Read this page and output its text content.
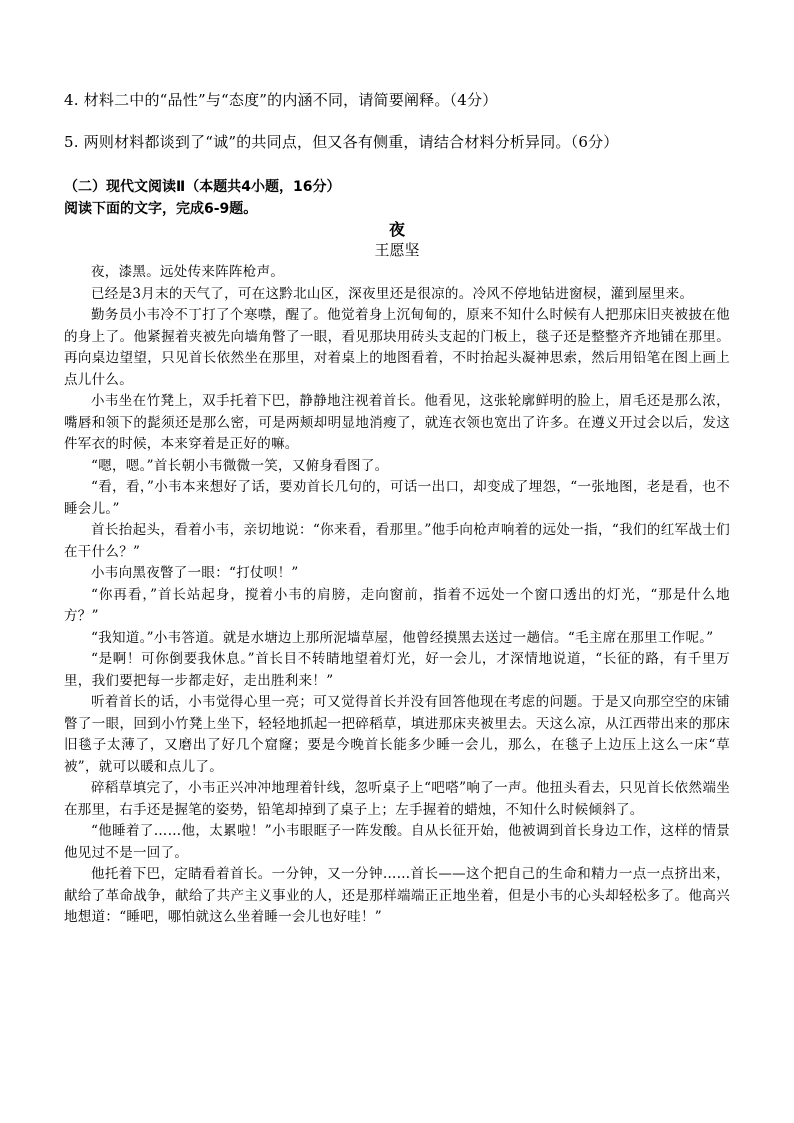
4. 材料二中的“品性”与“态度”的内涵不同，请简要阐释。（4分）
5. 两则材料都谈到了“诚”的共同点，但又各有侧重，请结合材料分析异同。（6分）
（二）现代文阅读Ⅱ（本题共4小题，16分）
阅读下面的文字，完成6-9题。
夜
王愿坚

夜，漆黑。远处传来阵阵枪声。

已经是3月末的天气了，可在这黔北山区，深夜里还是很凉的。冷风不停地钻进窗棂，灌到屋里来。

勤务员小韦冷不丁打了个寒噤，醒了。他觉着身上沉甸甸的，原来不知什么时候有人把那床旧夹被披在他的身上了。他紧握着夹被先向墙角瞥了一眼，看见那块用砖头支起的门板上，毯子还是整整齐齐地铺在那里。再向桌边望望，只见首长依然坐在那里，对着桌上的地图看着，不时抬起头凝神思索，然后用铅笔在图上画上点儿什么。

小韦坐在竹凳上，双手托着下巴，静静地注视着首长。他看见，这张轮廓鲜明的脸上，眉毛还是那么浓，嘴唇和领下的髭须还是那么密，可是两颊却明显地消瘦了，就连衣领也宽出了许多。在遵义开过会以后，发这件军衣的时候，本来穿着是正好的嘛。

“嗯，嗯。”首长朝小韦微微一笑，又俯身看图了。

“看，看，”小韦本来想好了话，要劝首长几句的，可话一出口，却变成了埋怨，“一张地图，老是看，也不睡会儿。”

首长抬起头，看着小韦，亲切地说：“你来看，看那里。”他手向枪声响着的远处一指，“我们的红军战士们在干什么？”

小韦向黑夜瞥了一眼：“打仗呗！”

“你再看，”首长站起身，搅着小韦的肩膀，走向窗前，指着不远处一个窗口透出的灯光，“那是什么地方？”

“我知道。”小韦答道。就是水塘边上那所泥墙草屋，他曾经摸黑去送过一趟信。“毛主席在那里工作呢。”

“是啊！可你倒要我休息。”首长目不转睛地望着灯光，好一会儿，才深情地说道，“长征的路，有千里万里，我们要把每一步都走好，走出胜利来！”

听着首长的话，小韦觉得心里一亮；可又觉得首长并没有回答他现在考虑的问题。于是又向那空空的床铺瞥了一眼，回到小竹凳上坐下，轻轻地抓起一把碎稻草，填进那床夹被里去。天这么凉，从江西带出来的那床旧毯子太薄了，又磨出了好几个窟窿；要是今晚首长能多少睡一会儿，那么，在毯子上边压上这么一床“草被”，就可以暖和点儿了。

碎稻草填完了，小韦正兴冲冲地理着针线，忽听桌子上“吧嗒”响了一声。他扭头看去，只见首长依然端坐在那里，右手还是握笔的姿势，铅笔却掉到了桌子上；左手握着的蜡烛，不知什么时候倾斜了。

“他睡着了……他，太累啦！”小韦眼眶子一阵发酸。自从长征开始，他被调到首长身边工作，这样的情景他见过不是一回了。

他托着下巴，定睛看着首长。一分钟，又一分钟……首长——这个把自己的生命和精力一点一点挤出来，献给了革命战争，献给了共产主义事业的人，还是那样端端正正地坐着，但是小韦的心头却轻松多了。他高兴地想道：“睡吧，哪怕就这么坐着睡一会儿也好哇！”
